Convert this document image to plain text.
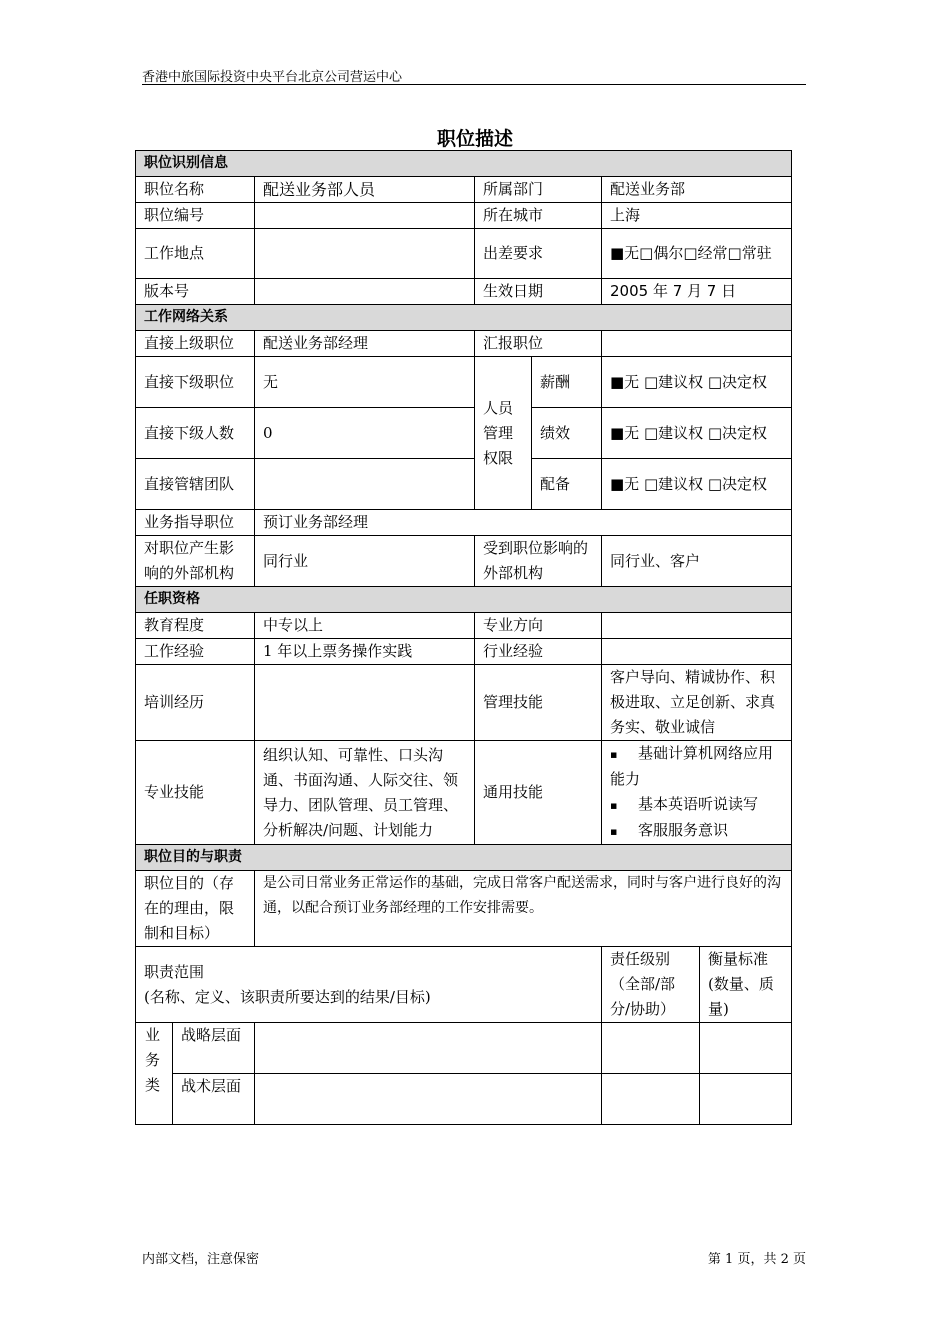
香港中旅国际投资中央平台北京公司营运中心
职位描述
职位识别信息						
职位名称		配送业务部人员	所属部门		配送业务部	
职位编号			所在城市		上海	
工作地点			出差要求		■无□偶尔□经常□常驻	
版本号			生效日期		2005 年 7 月 7 日	
工作网络关系						
直接上级职位		配送业务部经理	汇报职位			
直接下级职位		无	人员管理权限	薪酬	■无 □建议权 □决定权	
直接下级人数		0		绩效	■无 □建议权 □决定权	
直接管辖团队				配备	■无 □建议权 □决定权	
业务指导职位		预订业务部经理				
对职位产生影响的外部机构		同行业	受到职位影响的外部机构		同行业、客户	
任职资格						
教育程度		中专以上	专业方向			
工作经验		1 年以上票务操作实践	行业经验			
培训经历			管理技能		客户导向、精诚协作、积极进取、立足创新、求真务实、敬业诚信	
专业技能		组织认知、可靠性、口头沟通、书面沟通、人际交往、领导力、团队管理、员工管理、分析解决/问题、计划能力	通用技能		▪ 基础计算机网络应用能力
▪ 基本英语听说读写
▪ 客服服务意识

职位目的与职责						
职位目的（存在的理由，限制和目标）		是公司日常业务正常运作的基础，完成日常客户配送需求，同时与客户进行良好的沟通，以配合预订业务部经理的工作安排需要。				

职责范围
(名称、定义、该职责所要达到的结果/目标)					责任级别（全部/部分/协助）	衡量标准(数量、质量)
业务类	战略层面					
	战术层面					
内部文档，注意保密	第 1 页，共 2 页
